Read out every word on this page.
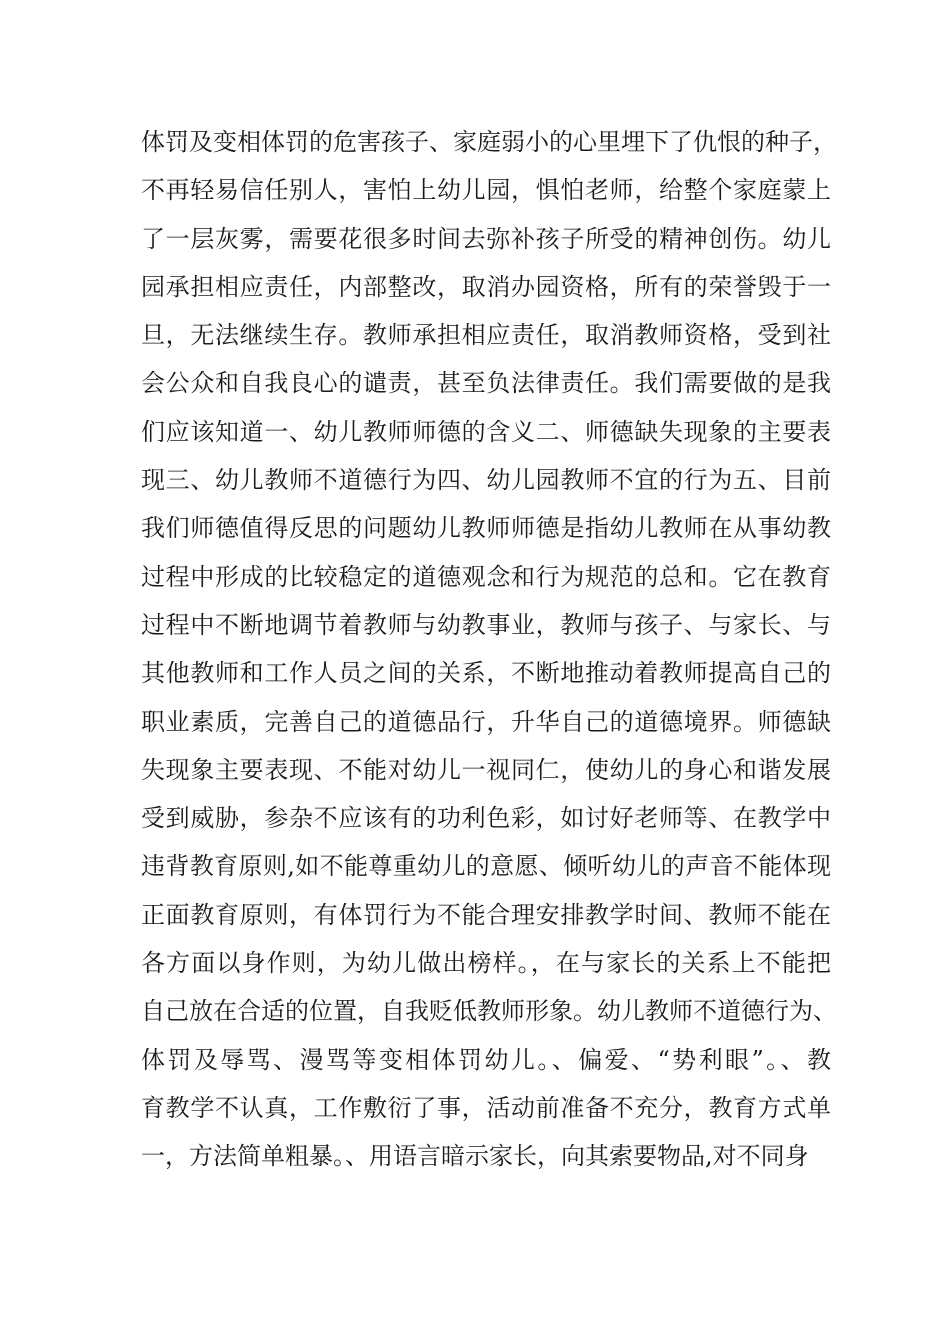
体罚及变相体罚的危害孩子、家庭弱小的心里埋下了仇恨的种子，
不再轻易信任别人，害怕上幼儿园，惧怕老师，给整个家庭蒙上
了一层灰雾，需要花很多时间去弥补孩子所受的精神创伤。幼儿
园承担相应责任，内部整改，取消办园资格，所有的荣誉毁于一
旦，无法继续生存。教师承担相应责任，取消教师资格，受到社
会公众和自我良心的谴责，甚至负法律责任。我们需要做的是我
们应该知道一、幼儿教师师德的含义二、师德缺失现象的主要表
现三、幼儿教师不道德行为四、幼儿园教师不宜的行为五、目前
我们师德值得反思的问题幼儿教师师德是指幼儿教师在从事幼教
过程中形成的比较稳定的道德观念和行为规范的总和。它在教育
过程中不断地调节着教师与幼教事业，教师与孩子、与家长、与
其他教师和工作人员之间的关系，不断地推动着教师提高自己的
职业素质，完善自己的道德品行，升华自己的道德境界。师德缺
失现象主要表现、不能对幼儿一视同仁，使幼儿的身心和谐发展
受到威胁，参杂不应该有的功利色彩，如讨好老师等、在教学中
违背教育原则,如不能尊重幼儿的意愿、倾听幼儿的声音不能体现
正面教育原则，有体罚行为不能合理安排教学时间、教师不能在
各方面以身作则，为幼儿做出榜样。，在与家长的关系上不能把
自己放在合适的位置，自我贬低教师形象。幼儿教师不道德行为、
体罚及辱骂、漫骂等变相体罚幼儿。、偏爱、“势利眼”。、教
育教学不认真，工作敷衍了事，活动前准备不充分，教育方式单
一，方法简单粗暴。、用语言暗示家长，向其索要物品,对不同身
